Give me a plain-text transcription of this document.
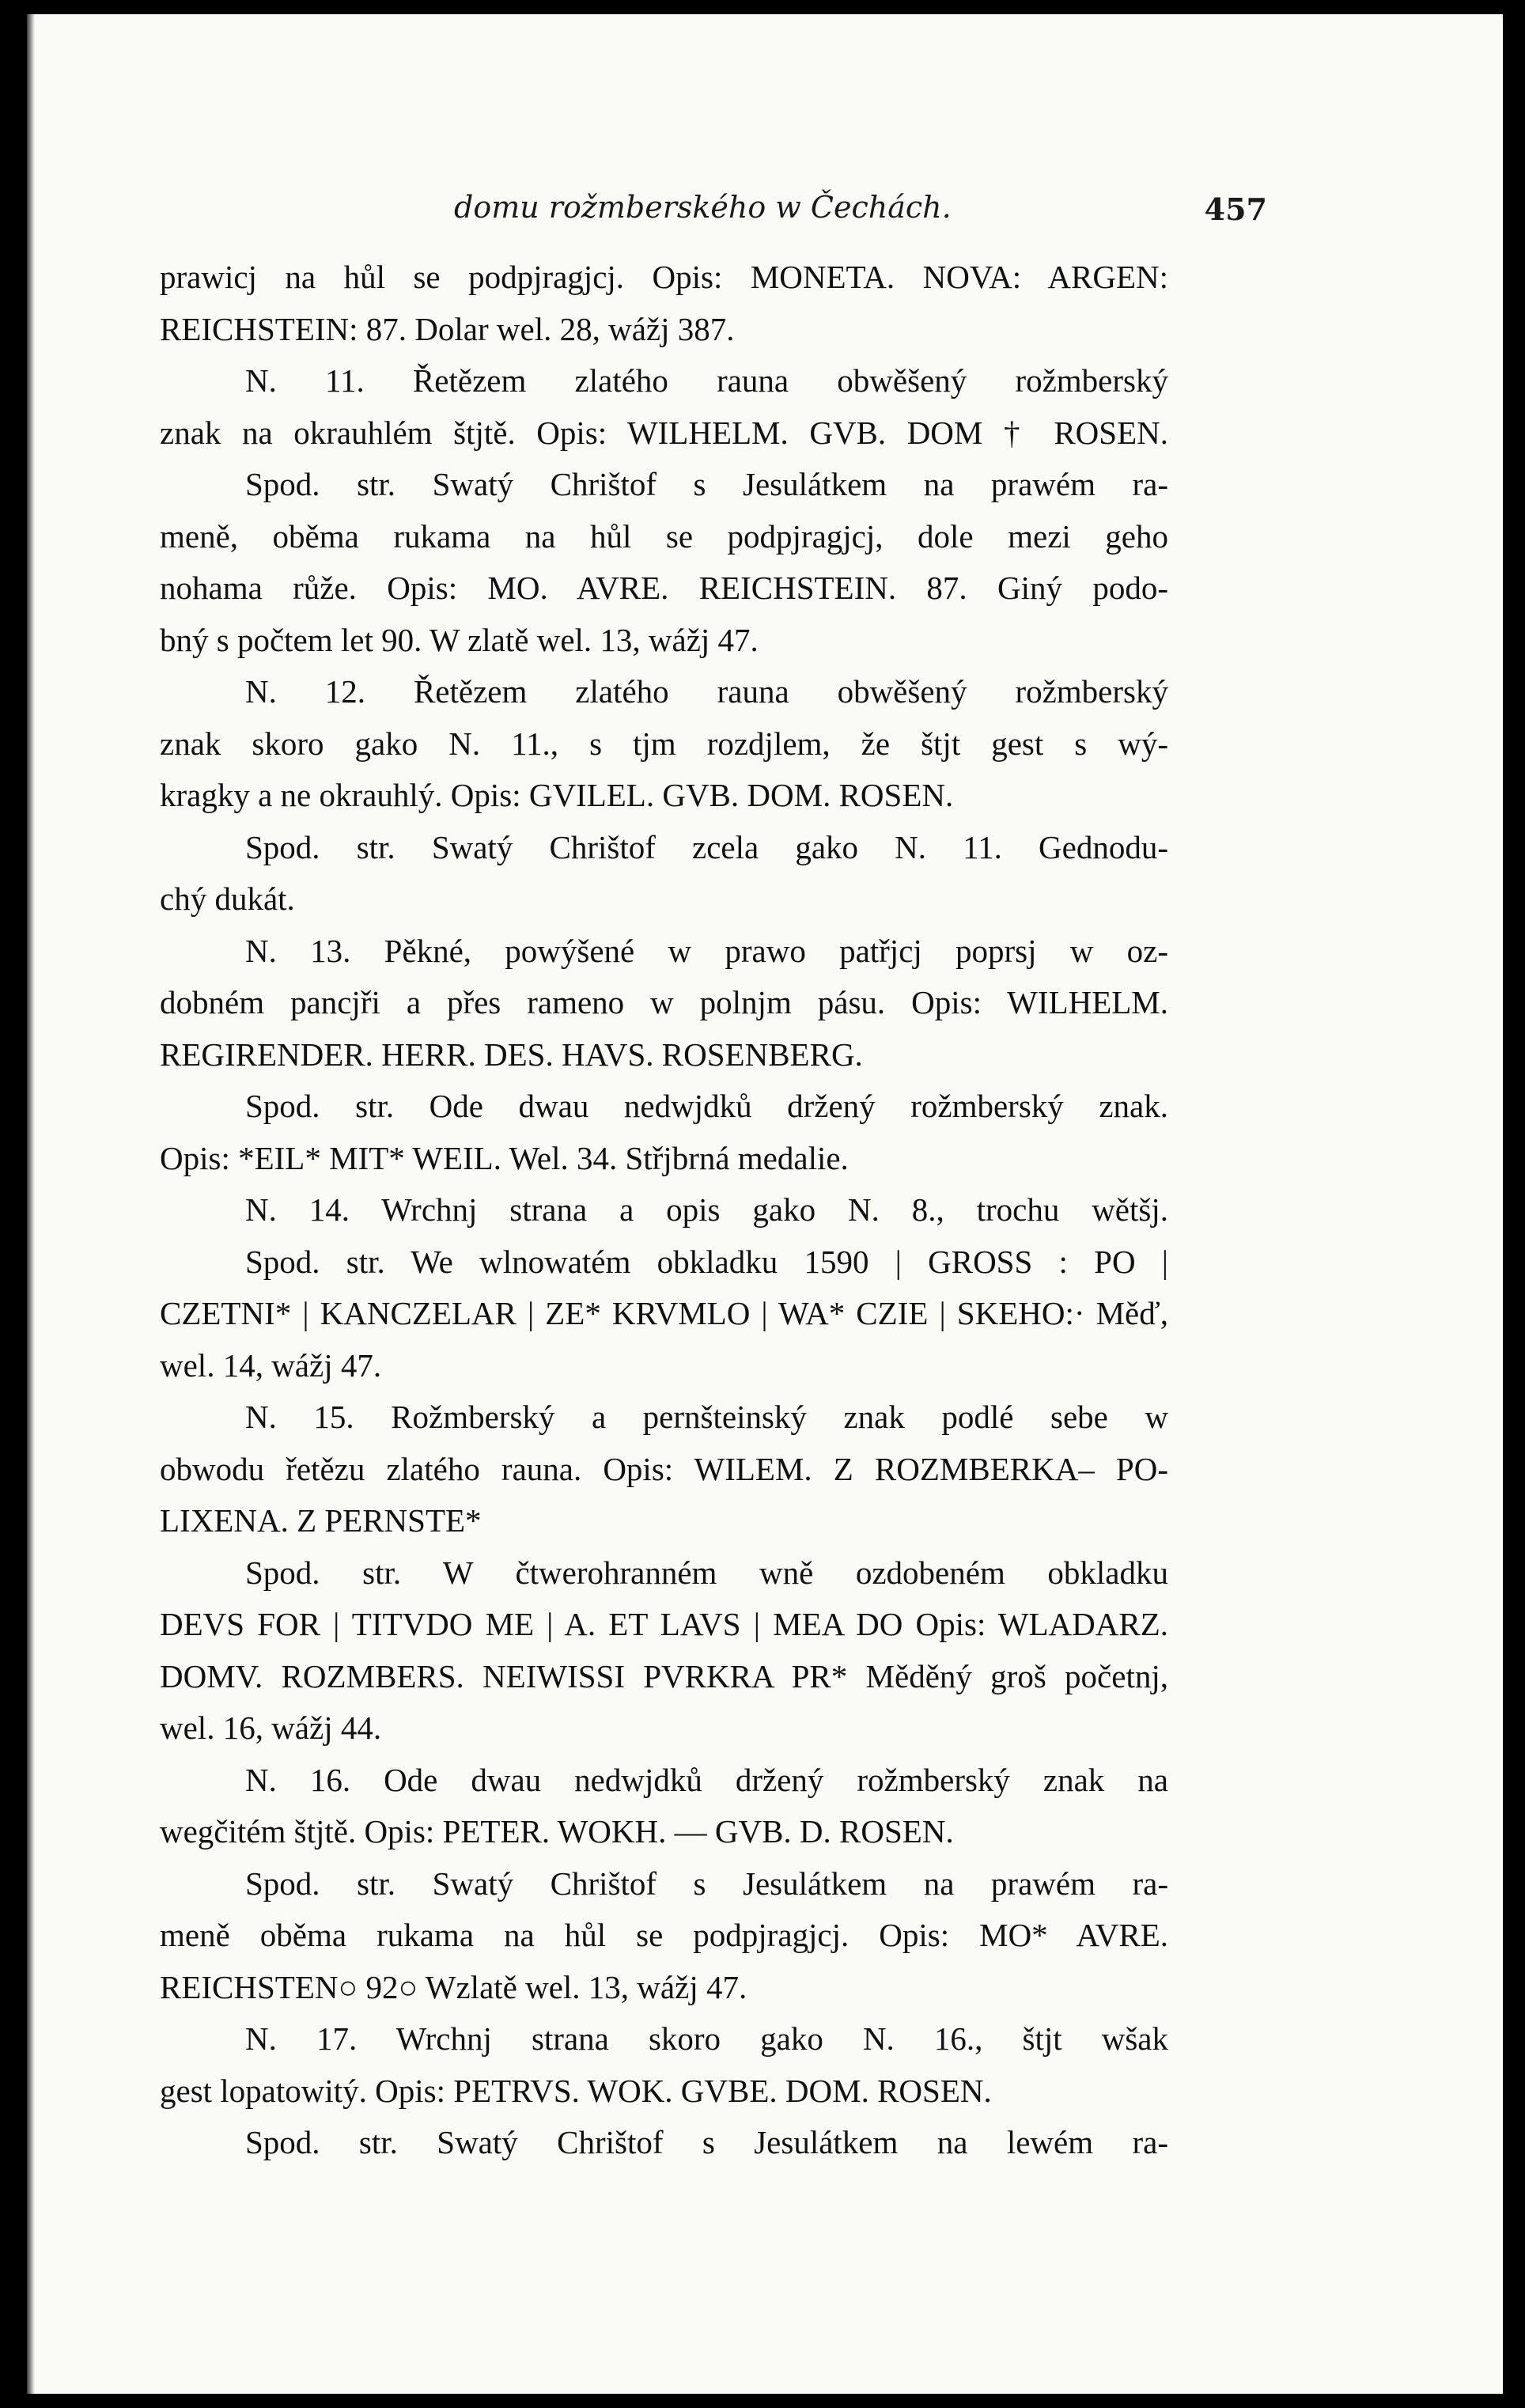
domu rožmberského w Čechách.	457
prawicj na hůl se podpjragjcj. Opis: MONETA. NOVA: ARGEN:
REICHSTEIN: 87. Dolar wel. 28, wážj 387.
N. 11. Řetězem zlatého rauna obwěšený rožmberský
znak na okrauhlém štjtě. Opis: WILHELM. GVB. DOM † ROSEN.
Spod. str. Swatý Chrištof s Jesulátkem na prawém ra-
meně, oběma rukama na hůl se podpjragjcj, dole mezi geho
nohama růže. Opis: MO. AVRE. REICHSTEIN. 87. Giný podo-
bný s počtem let 90. W zlatě wel. 13, wážj 47.
N. 12. Řetězem zlatého rauna obwěšený rožmberský
znak skoro gako N. 11., s tjm rozdjlem, že štjt gest s wý-
kragky a ne okrauhlý. Opis: GVILEL. GVB. DOM. ROSEN.
Spod. str. Swatý Chrištof zcela gako N. 11. Gednodu-
chý dukát.
N. 13. Pěkné, powýšené w prawo patřjcj poprsj w oz-
dobném pancjři a přes rameno w polnjm pásu. Opis: WILHELM.
REGIRENDER. HERR. DES. HAVS. ROSENBERG.
Spod. str. Ode dwau nedwjdků držený rožmberský znak.
Opis: *EIL* MIT* WEIL. Wel. 34. Střjbrná medalie.
N. 14. Wrchnj strana a opis gako N. 8., trochu wětšj.
Spod. str. We wlnowatém obkladku 1590 | GROSS : PO |
CZETNI* | KANCZELAR | ZE* KRVMLO | WA* CZIE | SKEHO:· Měď,
wel. 14, wážj 47.
N. 15. Rožmberský a pernšteinský znak podlé sebe w
obwodu řetězu zlatého rauna. Opis: WILEM. Z ROZMBERKA– PO-
LIXENA. Z PERNSTE*
Spod. str. W čtwerohranném wně ozdobeném obkladku
DEVS FOR | TITVDO ME | A. ET LAVS | MEA DO Opis: WLADARZ.
DOMV. ROZMBERS. NEIWISSI PVRKRA PR* Měděný groš početnj,
wel. 16, wážj 44.
N. 16. Ode dwau nedwjdků držený rožmberský znak na
wegčitém štjtě. Opis: PETER. WOKH. — GVB. D. ROSEN.
Spod. str. Swatý Chrištof s Jesulátkem na prawém ra-
meně oběma rukama na hůl se podpjragjcj. Opis: MO* AVRE.
REICHSTEN○ 92○ Wzlatě wel. 13, wážj 47.
N. 17. Wrchnj strana skoro gako N. 16., štjt wšak
gest lopatowitý. Opis: PETRVS. WOK. GVBE. DOM. ROSEN.
Spod. str. Swatý Chrištof s Jesulátkem na lewém ra-
